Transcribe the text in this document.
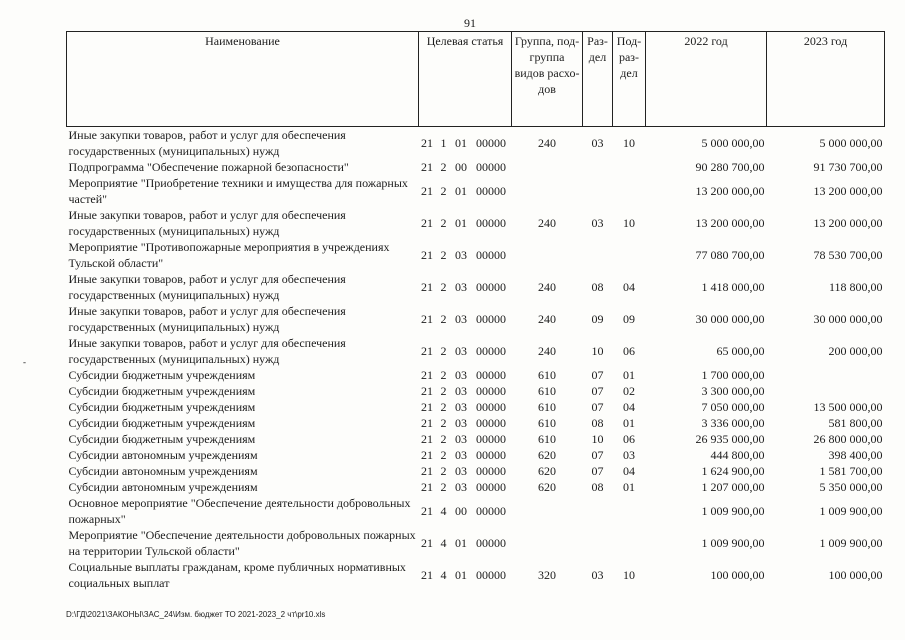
91
Наименование	Целевая статья				Группа, под- группа видов расхо- дов	Раз- дел	Под- раз- дел	2022 год	2023 год
Иные закупки товаров, работ и услуг для обеспечения государственных (муниципальных) нужд	21	1	01	00000	240	03	10	5 000 000,00	5 000 000,00
Подпрограмма "Обеспечение пожарной безопасности"	21	2	00	00000				90 280 700,00	91 730 700,00
Мероприятие "Приобретение техники и имущества для пожарных частей"	21	2	01	00000				13 200 000,00	13 200 000,00
Иные закупки товаров, работ и услуг для обеспечения государственных (муниципальных) нужд	21	2	01	00000	240	03	10	13 200 000,00	13 200 000,00
Мероприятие "Противопожарные мероприятия в учреждениях Тульской области"	21	2	03	00000				77 080 700,00	78 530 700,00
Иные закупки товаров, работ и услуг для обеспечения государственных (муниципальных) нужд	21	2	03	00000	240	08	04	1 418 000,00	118 800,00
Иные закупки товаров, работ и услуг для обеспечения государственных (муниципальных) нужд	21	2	03	00000	240	09	09	30 000 000,00	30 000 000,00
Иные закупки товаров, работ и услуг для обеспечения государственных (муниципальных) нужд	21	2	03	00000	240	10	06	65 000,00	200 000,00
Субсидии бюджетным учреждениям	21	2	03	00000	610	07	01	1 700 000,00	
Субсидии бюджетным учреждениям	21	2	03	00000	610	07	02	3 300 000,00	
Субсидии бюджетным учреждениям	21	2	03	00000	610	07	04	7 050 000,00	13 500 000,00
Субсидии бюджетным учреждениям	21	2	03	00000	610	08	01	3 336 000,00	581 800,00
Субсидии бюджетным учреждениям	21	2	03	00000	610	10	06	26 935 000,00	26 800 000,00
Субсидии автономным учреждениям	21	2	03	00000	620	07	03	444 800,00	398 400,00
Субсидии автономным учреждениям	21	2	03	00000	620	07	04	1 624 900,00	1 581 700,00
Субсидии автономным учреждениям	21	2	03	00000	620	08	01	1 207 000,00	5 350 000,00
Основное мероприятие "Обеспечение деятельности добровольных пожарных"	21	4	00	00000				1 009 900,00	1 009 900,00
Мероприятие "Обеспечение деятельности добровольных пожарных на территории Тульской области"	21	4	01	00000				1 009 900,00	1 009 900,00
Социальные выплаты гражданам, кроме публичных нормативных социальных выплат	21	4	01	00000	320	03	10	100 000,00	100 000,00
‐
D:\ГД\2021\ЗАКОНЫ\ЗАС_24\Изм. бюджет ТО 2021-2023_2 чт\pr10.xls
